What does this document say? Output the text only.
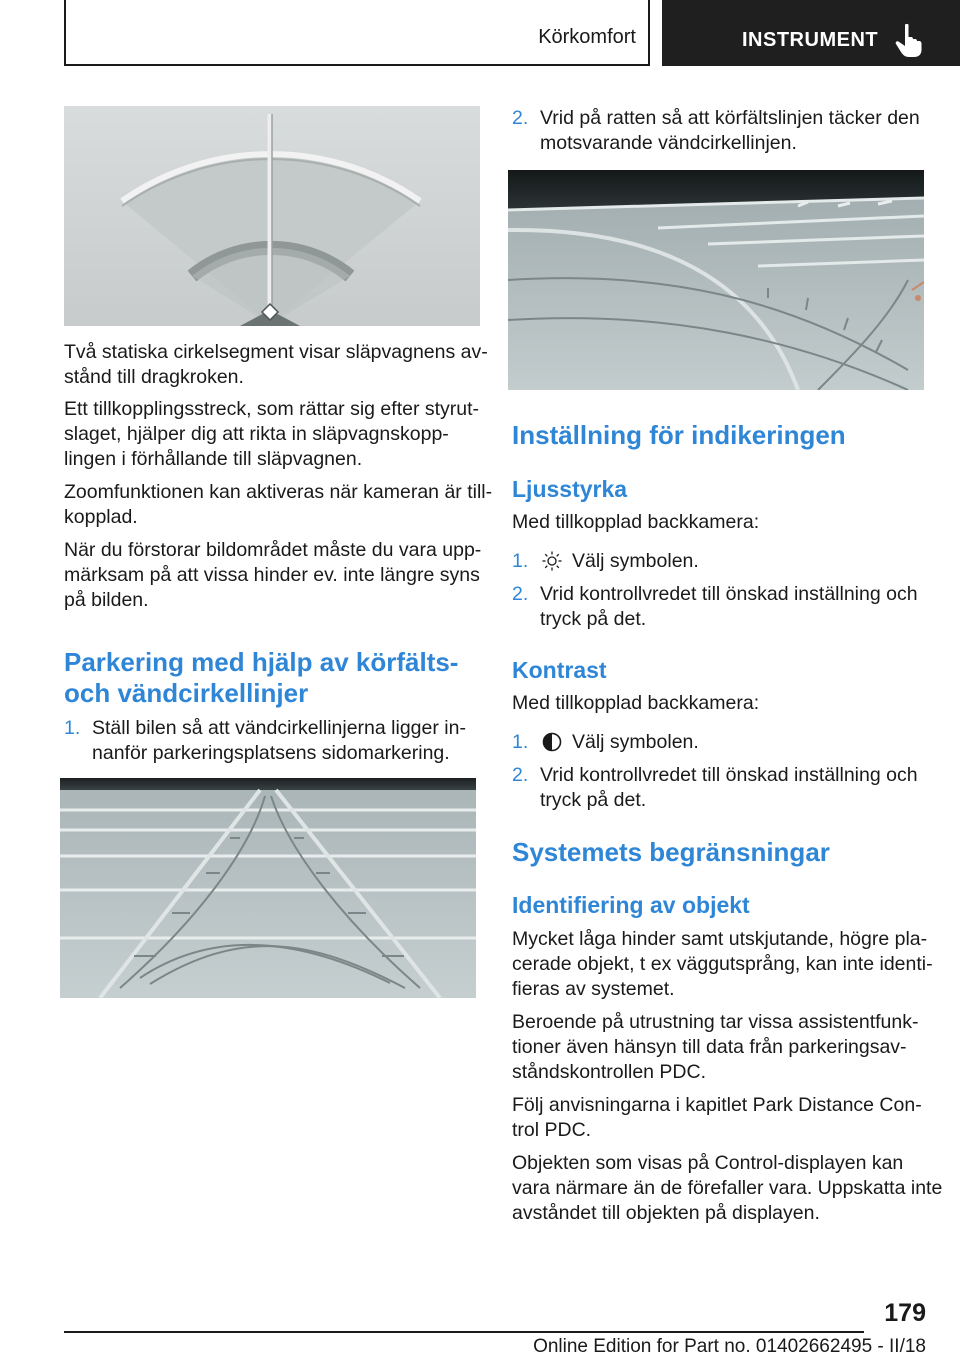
Körkomfort	INSTRUMENT
Två statiska cirkelsegment visar släpvagnens av-
stånd till dragkroken.
Ett tillkopplingsstreck, som rättar sig efter styrut-
slaget, hjälper dig att rikta in släpvagnskopp-
lingen i förhållande till släpvagnen.
Zoomfunktionen kan aktiveras när kameran är till-
kopplad.
När du förstorar bildområdet måste du vara upp-
märksam på att vissa hinder ev. inte längre syns
på bilden.
Parkering med hjälp av körfälts-
och vändcirkellinjer
1. Ställ bilen så att vändcirkellinjerna ligger in-
nanför parkeringsplatsens sidomarkering.
2. Vrid på ratten så att körfältslinjen täcker den
motsvarande vändcirkellinjen.
Inställning för indikeringen
Ljusstyrka
Med tillkopplad backkamera:
1. Välj symbolen.
2. Vrid kontrollvredet till önskad inställning och
tryck på det.
Kontrast
Med tillkopplad backkamera:
1. Välj symbolen.
2. Vrid kontrollvredet till önskad inställning och
tryck på det.
Systemets begränsningar
Identifiering av objekt
Mycket låga hinder samt utskjutande, högre pla-
cerade objekt, t ex väggutsprång, kan inte identi-
fieras av systemet.
Beroende på utrustning tar vissa assistentfunk-
tioner även hänsyn till data från parkeringsav-
ståndskontrollen PDC.
Följ anvisningarna i kapitlet Park Distance Con-
trol PDC.
Objekten som visas på Control-displayen kan
vara närmare än de förefaller vara. Uppskatta inte
avståndet till objekten på displayen.
179
Online Edition for Part no. 01402662495 - II/18
